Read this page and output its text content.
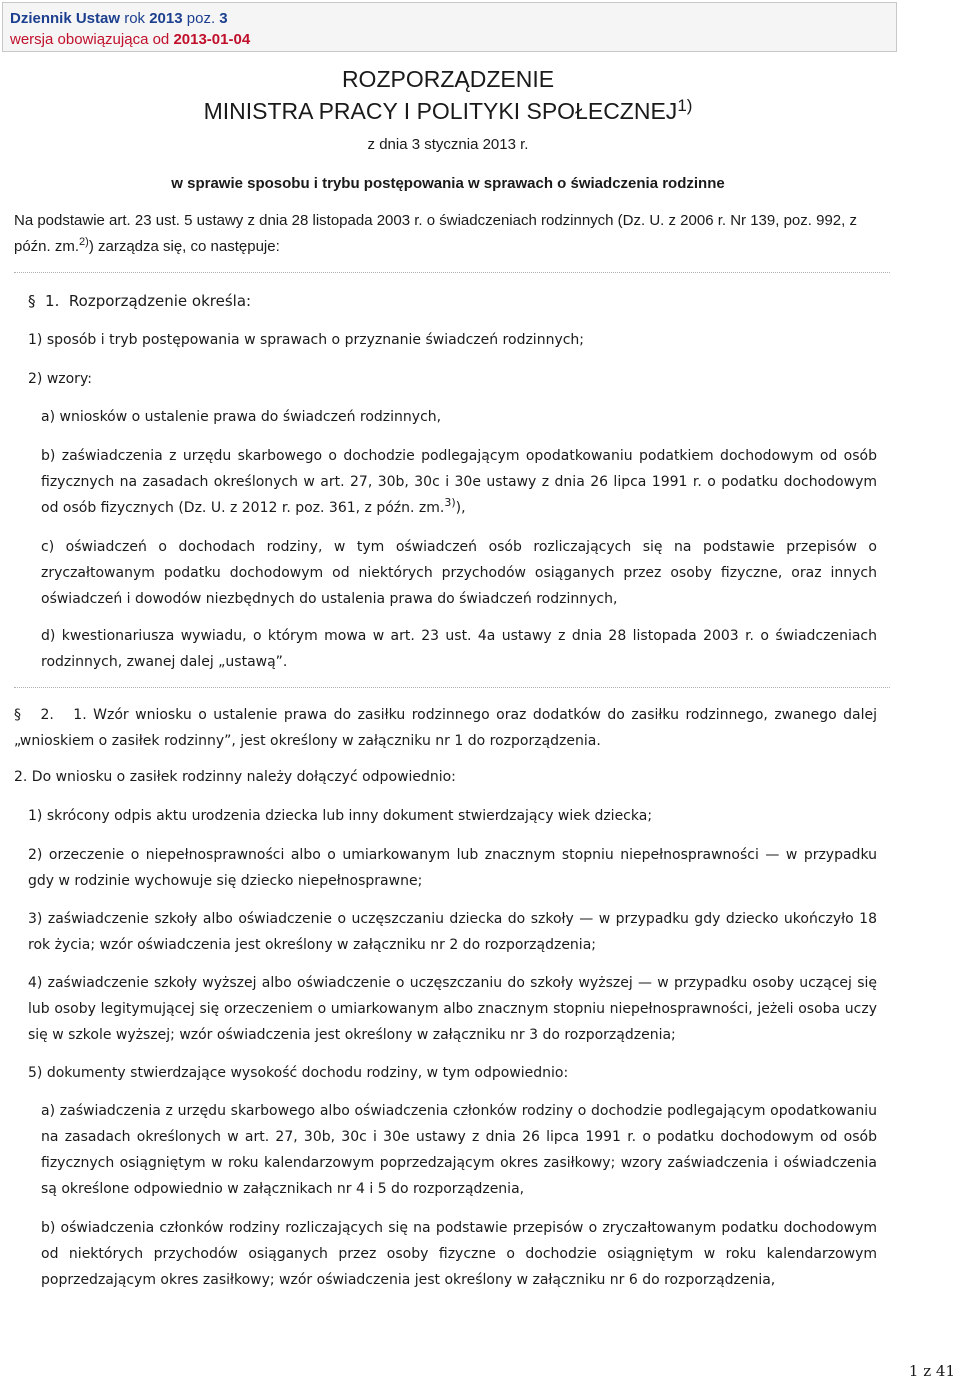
Dziennik Ustaw rok 2013 poz. 3
wersja obowiązująca od 2013-01-04
ROZPORZĄDZENIE
MINISTRA PRACY I POLITYKI SPOŁECZNEJ$^{1)}$
z dnia 3 stycznia 2013 r.
w sprawie sposobu i trybu postępowania w sprawach o świadczenia rodzinne
Na podstawie art. 23 ust. 5 ustawy z dnia 28 listopada 2003 r. o świadczeniach rodzinnych (Dz. U. z 2006 r. Nr 139, poz. 992, z późn. zm.$^{2)}$) zarządza się, co następuje:
§ 1. Rozporządzenie określa:
1) sposób i tryb postępowania w sprawach o przyznanie świadczeń rodzinnych;
2) wzory:
a) wniosków o ustalenie prawa do świadczeń rodzinnych,
b) zaświadczenia z urzędu skarbowego o dochodzie podlegającym opodatkowaniu podatkiem dochodowym od osób fizycznych na zasadach określonych w art. 27, 30b, 30c i 30e ustawy z dnia 26 lipca 1991 r. o podatku dochodowym od osób fizycznych (Dz. U. z 2012 r. poz. 361, z późn. zm.$^{3)}$),
c) oświadczeń o dochodach rodziny, w tym oświadczeń osób rozliczających się na podstawie przepisów o zryczałtowanym podatku dochodowym od niektórych przychodów osiąganych przez osoby fizyczne, oraz innych oświadczeń i dowodów niezbędnych do ustalenia prawa do świadczeń rodzinnych,
d) kwestionariusza wywiadu, o którym mowa w art. 23 ust. 4a ustawy z dnia 28 listopada 2003 r. o świadczeniach rodzinnych, zwanej dalej „ustawą”.
§ 2. 1. Wzór wniosku o ustalenie prawa do zasiłku rodzinnego oraz dodatków do zasiłku rodzinnego, zwanego dalej „wnioskiem o zasiłek rodzinny”, jest określony w załączniku nr 1 do rozporządzenia.
2. Do wniosku o zasiłek rodzinny należy dołączyć odpowiednio:
1) skrócony odpis aktu urodzenia dziecka lub inny dokument stwierdzający wiek dziecka;
2) orzeczenie o niepełnosprawności albo o umiarkowanym lub znacznym stopniu niepełnosprawności — w przypadku gdy w rodzinie wychowuje się dziecko niepełnosprawne;
3) zaświadczenie szkoły albo oświadczenie o uczęszczaniu dziecka do szkoły — w przypadku gdy dziecko ukończyło 18 rok życia; wzór oświadczenia jest określony w załączniku nr 2 do rozporządzenia;
4) zaświadczenie szkoły wyższej albo oświadczenie o uczęszczaniu do szkoły wyższej — w przypadku osoby uczącej się lub osoby legitymującej się orzeczeniem o umiarkowanym albo znacznym stopniu niepełnosprawności, jeżeli osoba uczy się w szkole wyższej; wzór oświadczenia jest określony w załączniku nr 3 do rozporządzenia;
5) dokumenty stwierdzające wysokość dochodu rodziny, w tym odpowiednio:
a) zaświadczenia z urzędu skarbowego albo oświadczenia członków rodziny o dochodzie podlegającym opodatkowaniu na zasadach określonych w art. 27, 30b, 30c i 30e ustawy z dnia 26 lipca 1991 r. o podatku dochodowym od osób fizycznych osiągniętym w roku kalendarzowym poprzedzającym okres zasiłkowy; wzory zaświadczenia i oświadczenia są określone odpowiednio w załącznikach nr 4 i 5 do rozporządzenia,
b) oświadczenia członków rodziny rozliczających się na podstawie przepisów o zryczałtowanym podatku dochodowym od niektórych przychodów osiąganych przez osoby fizyczne o dochodzie osiągniętym w roku kalendarzowym poprzedzającym okres zasiłkowy; wzór oświadczenia jest określony w załączniku nr 6 do rozporządzenia,
1 z 41
